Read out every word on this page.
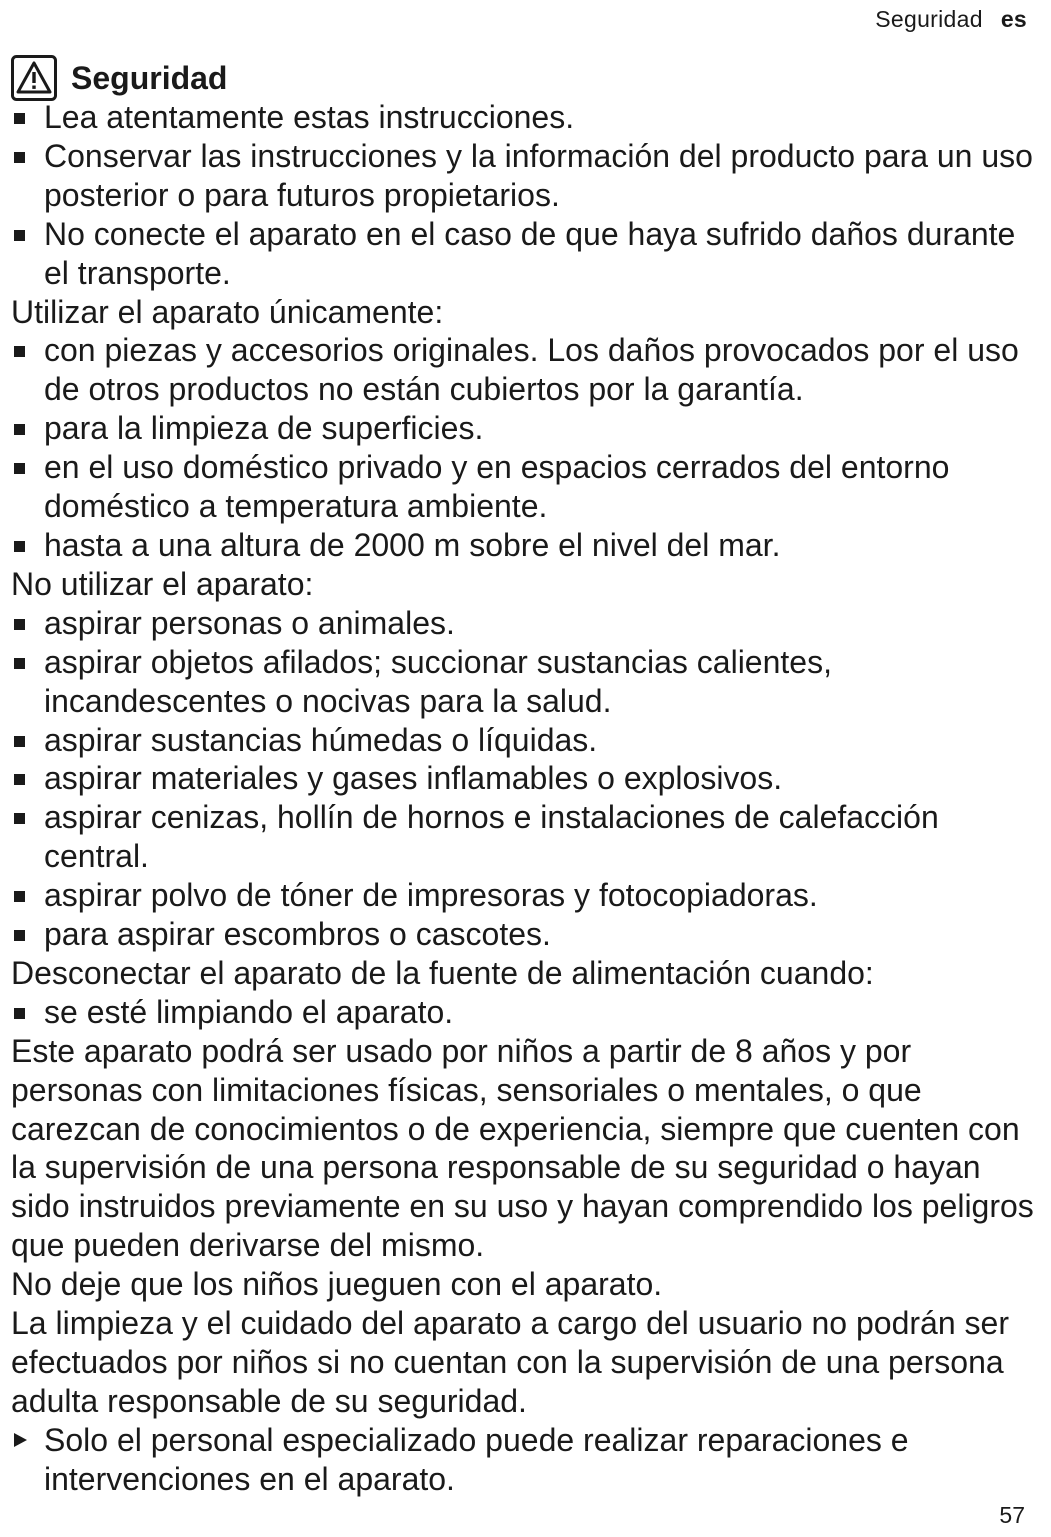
Seguridad es
Seguridad
Lea atentamente estas instrucciones.
Conservar las instrucciones y la información del producto para un uso posterior o para futuros propietarios.
No conecte el aparato en el caso de que haya sufrido daños durante el transporte.

Utilizar el aparato únicamente:

con piezas y accesorios originales. Los daños provocados por el uso de otros productos no están cubiertos por la garantía.
para la limpieza de superficies.
en el uso doméstico privado y en espacios cerrados del entorno doméstico a temperatura ambiente.
hasta a una altura de 2000 m sobre el nivel del mar.

No utilizar el aparato:

aspirar personas o animales.
aspirar objetos afilados; succionar sustancias calientes, incandescentes o nocivas para la salud.
aspirar sustancias húmedas o líquidas.
aspirar materiales y gases inflamables o explosivos.
aspirar cenizas, hollín de hornos e instalaciones de calefacción central.
aspirar polvo de tóner de impresoras y fotocopiadoras.
para aspirar escombros o cascotes.

Desconectar el aparato de la fuente de alimentación cuando:

se esté limpiando el aparato.

Este aparato podrá ser usado por niños a partir de 8 años y por personas con limitaciones físicas, sensoriales o mentales, o que carezcan de conocimientos o de experiencia, siempre que cuenten con la supervisión de una persona responsable de su seguridad o hayan sido instruidos previamente en su uso y hayan comprendido los peligros que pueden derivarse del mismo.

No deje que los niños jueguen con el aparato.

La limpieza y el cuidado del aparato a cargo del usuario no podrán ser efectuados por niños si no cuentan con la supervisión de una persona adulta responsable de su seguridad.

Solo el personal especializado puede realizar reparaciones e intervenciones en el aparato.
57
